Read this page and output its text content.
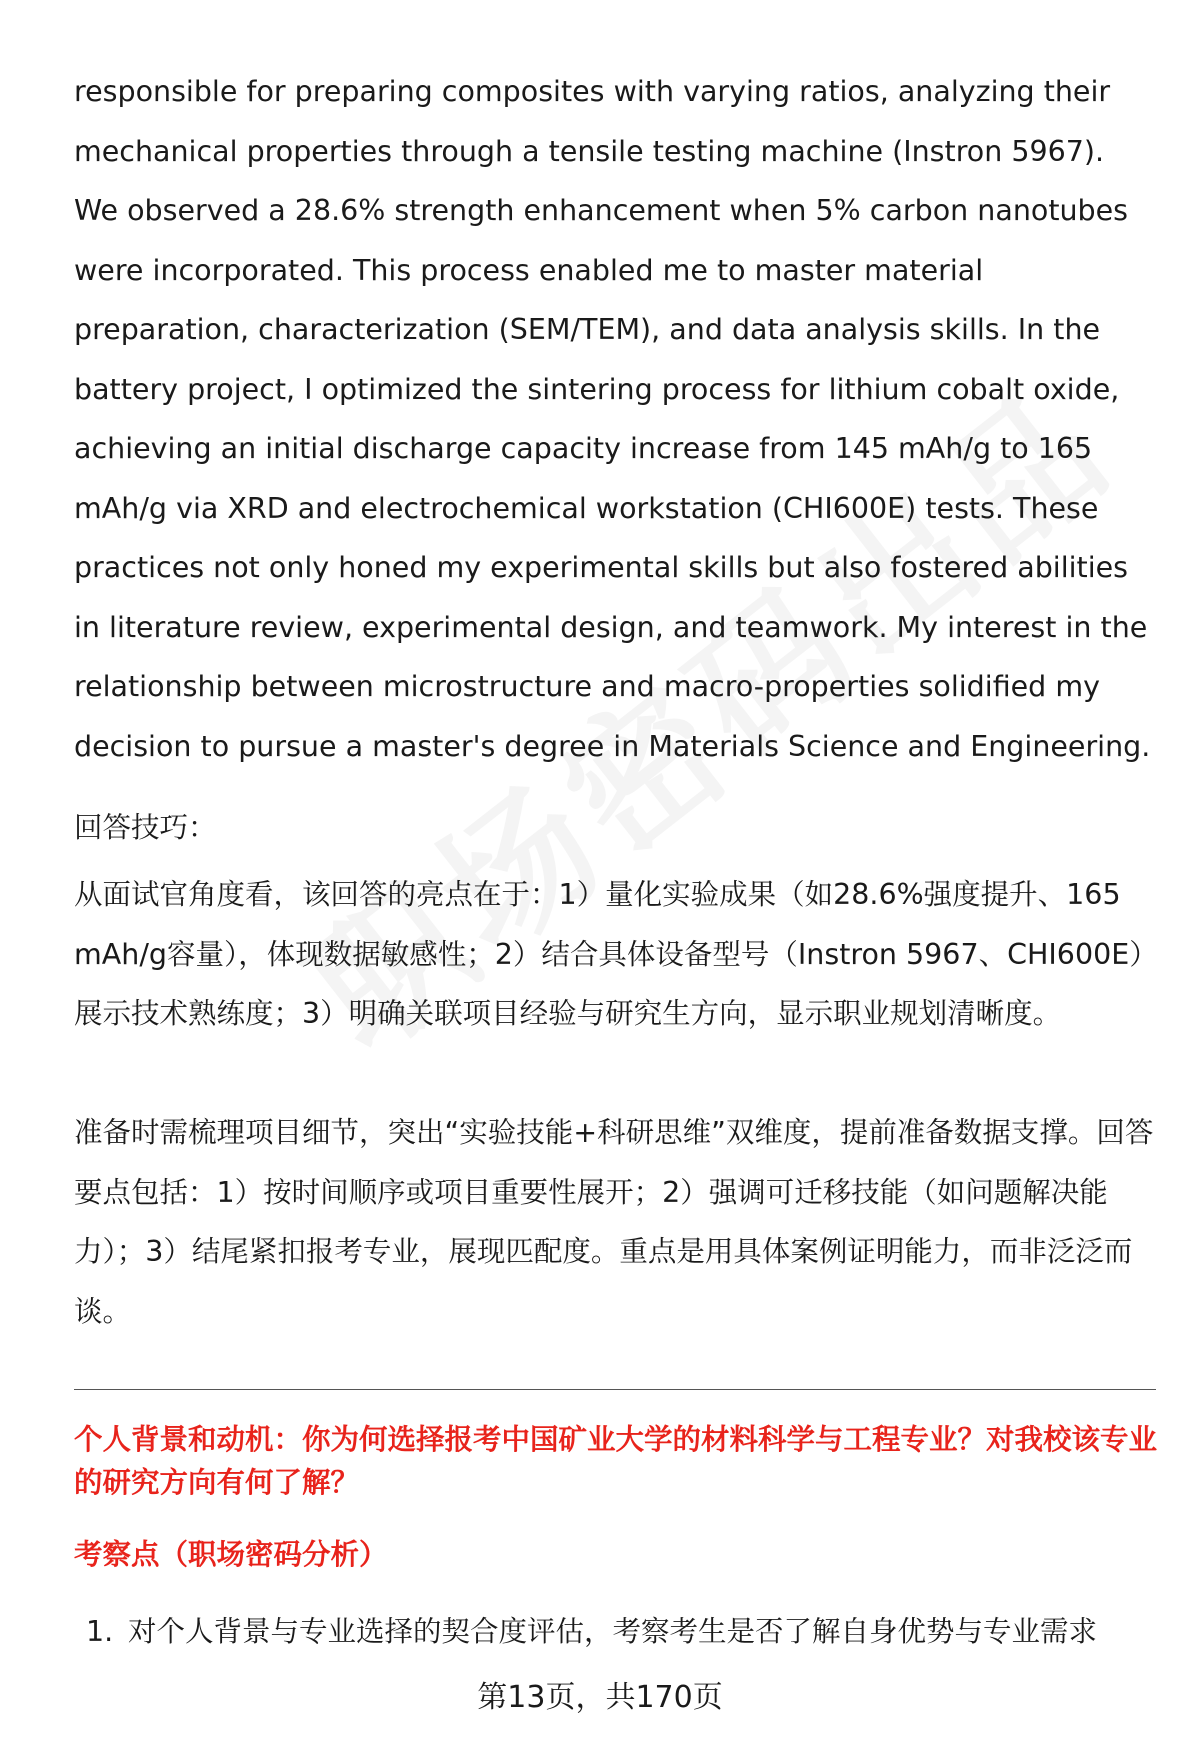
responsible for preparing composites with varying ratios, analyzing their mechanical properties through a tensile testing machine (Instron 5967). We observed a 28.6% strength enhancement when 5% carbon nanotubes were incorporated. This process enabled me to master material preparation, characterization (SEM/TEM), and data analysis skills. In the battery project, I optimized the sintering process for lithium cobalt oxide, achieving an initial discharge capacity increase from 145 mAh/g to 165 mAh/g via XRD and electrochemical workstation (CHI600E) tests. These practices not only honed my experimental skills but also fostered abilities in literature review, experimental design, and teamwork. My interest in the relationship between microstructure and macro-properties solidified my decision to pursue a master's degree in Materials Science and Engineering.

回答技巧：

从面试官角度看，该回答的亮点在于：1）量化实验成果（如28.6%强度提升、165 mAh/g容量），体现数据敏感性；2）结合具体设备型号（Instron 5967、CHI600E）展示技术熟练度；3）明确关联项目经验与研究生方向，显示职业规划清晰度。

准备时需梳理项目细节，突出“实验技能+科研思维”双维度，提前准备数据支撑。回答要点包括：1）按时间顺序或项目重要性展开；2）强调可迁移技能（如问题解决能力）；3）结尾紧扣报考专业，展现匹配度。重点是用具体案例证明能力，而非泛泛而谈。

个人背景和动机：你为何选择报考中国矿业大学的材料科学与工程专业？对我校该专业的研究方向有何了解？

考察点（职场密码分析）

1. 对个人背景与专业选择的契合度评估，考察考生是否了解自身优势与专业需求

第13页，共170页
